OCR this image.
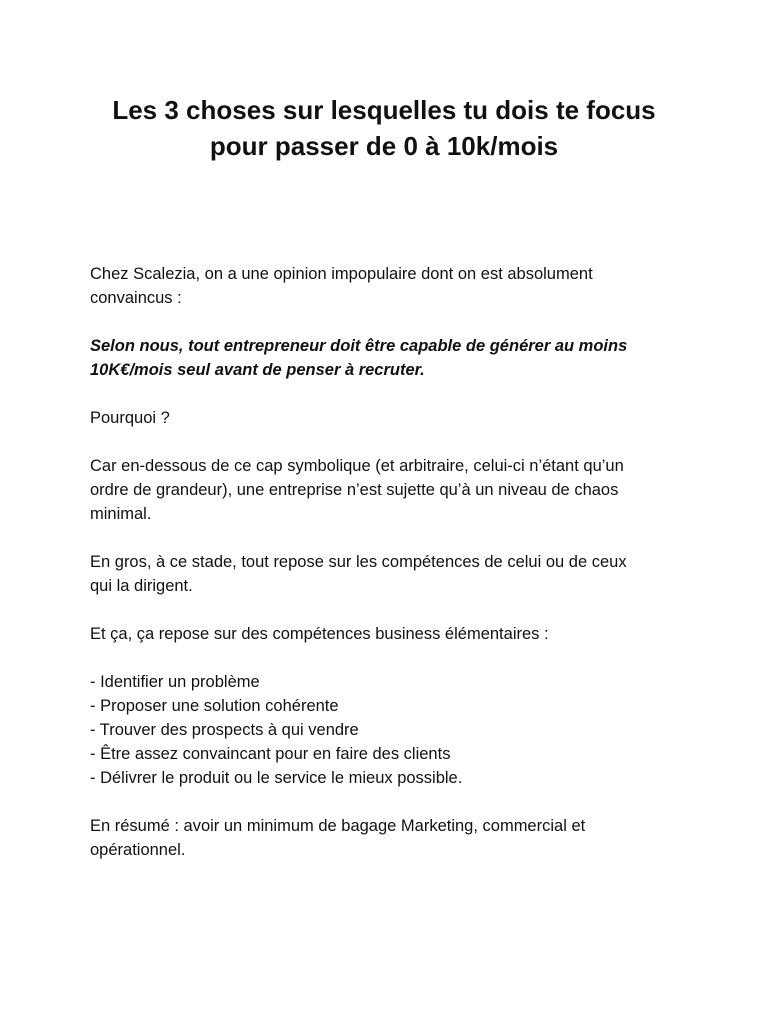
Les 3 choses sur lesquelles tu dois te focus
pour passer de 0 à 10k/mois

Chez Scalezia, on a une opinion impopulaire dont on est absolument
convaincus :

Selon nous, tout entrepreneur doit être capable de générer au moins
10K€/mois seul avant de penser à recruter.

Pourquoi ?

Car en-dessous de ce cap symbolique (et arbitraire, celui-ci n’étant qu’un
ordre de grandeur), une entreprise n’est sujette qu’à un niveau de chaos
minimal.

En gros, à ce stade, tout repose sur les compétences de celui ou de ceux
qui la dirigent.

Et ça, ça repose sur des compétences business élémentaires :

- Identifier un problème
- Proposer une solution cohérente
- Trouver des prospects à qui vendre
- Être assez convaincant pour en faire des clients
- Délivrer le produit ou le service le mieux possible.

En résumé : avoir un minimum de bagage Marketing, commercial et
opérationnel.
